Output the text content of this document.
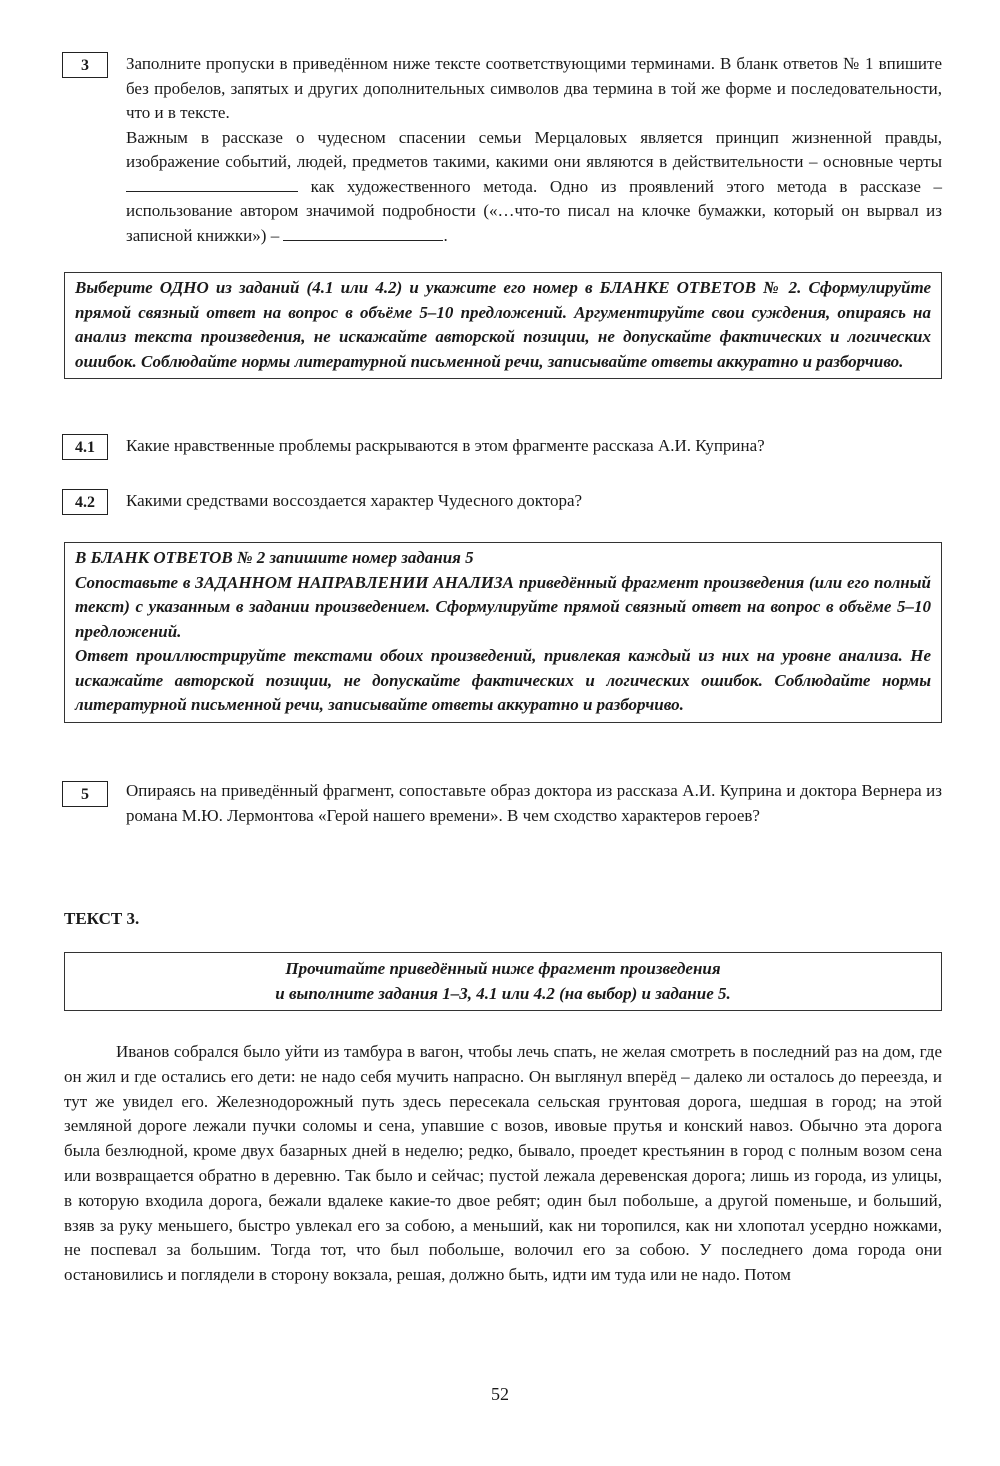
3	Заполните пропуски в приведённом ниже тексте соответствующими терминами. В бланк ответов № 1 впишите без пробелов, запятых и других дополнительных символов два термина в той же форме и последовательности, что и в тексте.

Важным в рассказе о чудесном спасении семьи Мерцаловых является принцип жизненной правды, изображение событий, людей, предметов такими, какими они являются в действительности – основные черты  как художественного метода. Одно из проявлений этого метода в рассказе – использование автором значимой подробности («…что-то писал на клочке бумажки, который он вырвал из записной книжки») –	.

Выберите ОДНО из заданий (4.1 или 4.2) и укажите его номер в БЛАНКЕ ОТВЕТОВ № 2. Сформулируйте прямой связный ответ на вопрос в объёме 5–10 предложений. Аргументируйте свои суждения, опираясь на анализ текста произведения, не искажайте авторской позиции, не допускайте фактических и логических ошибок. Соблюдайте нормы литературной письменной речи, записывайте ответы аккуратно и разборчиво.

4.1	Какие нравственные проблемы раскрываются в этом фрагменте рассказа А.И. Куприна?
4.2	Какими средствами воссоздается характер Чудесного доктора?

В БЛАНК ОТВЕТОВ № 2 запишите номер задания 5

Сопоставьте в ЗАДАННОМ НАПРАВЛЕНИИ АНАЛИЗА приведённый фрагмент произведения (или его полный текст) с указанным в задании произведением. Сформулируйте прямой связный ответ на вопрос в объёме 5–10 предложений.

Ответ проиллюстрируйте текстами обоих произведений, привлекая каждый из них на уровне анализа. Не искажайте авторской позиции, не допускайте фактических и логических ошибок. Соблюдайте нормы литературной письменной речи, записывайте ответы аккуратно и разборчиво.

5	Опираясь на приведённый фрагмент, сопоставьте образ доктора из рассказа А.И. Куприна и доктора Вернера из романа М.Ю. Лермонтова «Герой нашего времени». В чем сходство характеров героев?
ТЕКСТ 3.

Прочитайте приведённый ниже фрагмент произведения

и выполните задания 1–3, 4.1 или 4.2 (на выбор) и задание 5.

Иванов собрался было уйти из тамбура в вагон, чтобы лечь спать, не желая смотреть в последний раз на дом, где он жил и где остались его дети: не надо себя мучить напрасно. Он выглянул вперёд – далеко ли осталось до переезда, и тут же увидел его. Железнодорожный путь здесь пересекала сельская грунтовая дорога, шедшая в город; на этой земляной дороге лежали пучки соломы и сена, упавшие с возов, ивовые прутья и конский навоз. Обычно эта дорога была безлюдной, кроме двух базарных дней в неделю; редко, бывало, проедет крестьянин в город с полным возом сена или возвращается обратно в деревню. Так было и сейчас; пустой лежала деревенская дорога; лишь из города, из улицы, в которую входила дорога, бежали вдалеке какие-то двое ребят; один был побольше, а другой поменьше, и больший, взяв за руку меньшего, быстро увлекал его за собою, а меньший, как ни торопился, как ни хлопотал усердно ножками, не поспевал за большим. Тогда тот, что был побольше, волочил его за собою. У последнего дома города они остановились и поглядели в сторону вокзала, решая, должно быть, идти им туда или не надо. Потом

52
